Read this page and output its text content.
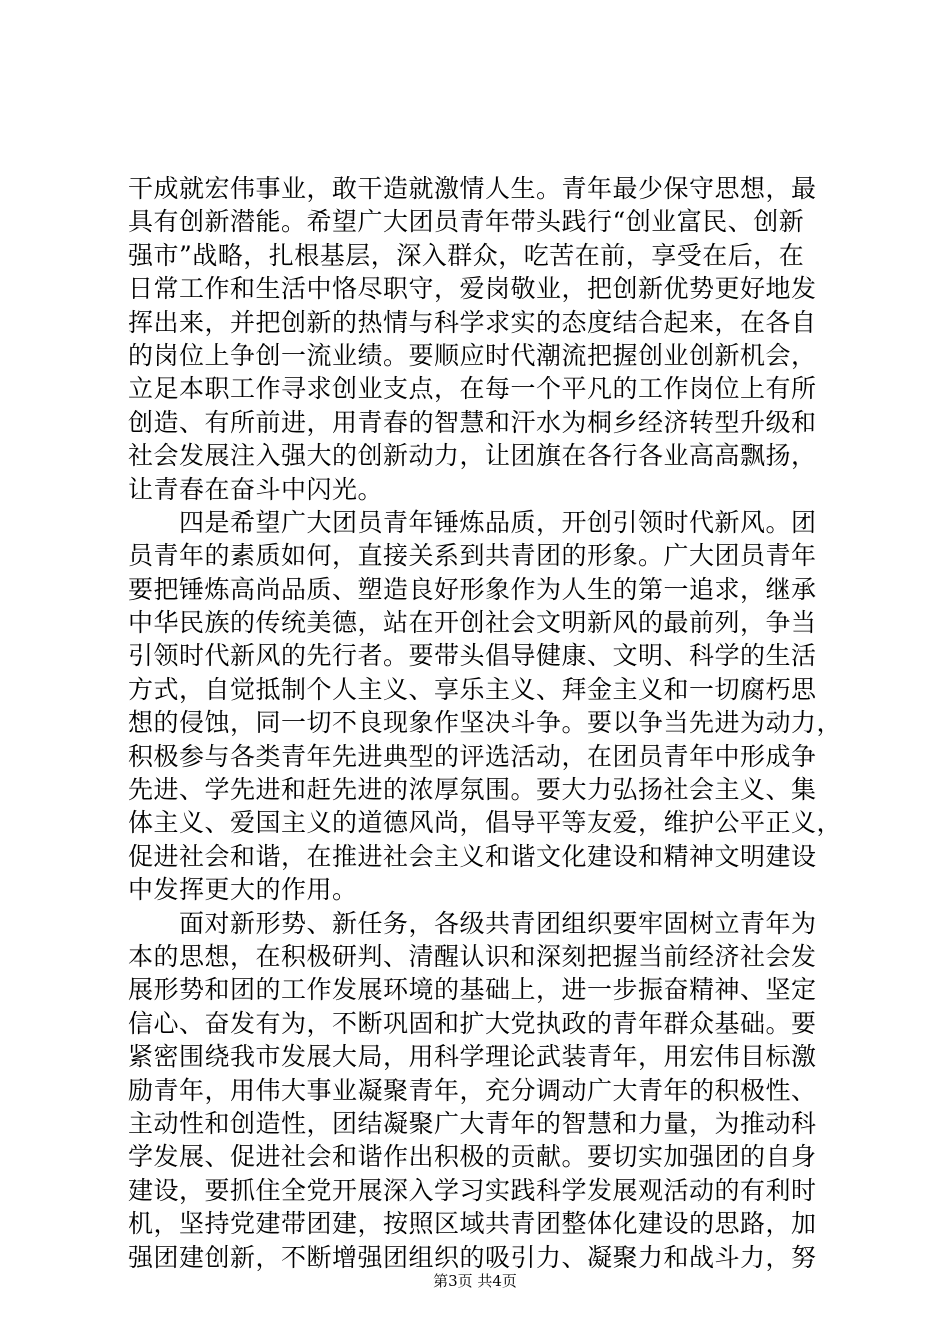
干成就宏伟事业，敢干造就激情人生。青年最少保守思想，最
具有创新潜能。希望广大团员青年带头践行“创业富民、创新
强市”战略，扎根基层，深入群众，吃苦在前，享受在后，在
日常工作和生活中恪尽职守，爱岗敬业，把创新优势更好地发
挥出来，并把创新的热情与科学求实的态度结合起来，在各自
的岗位上争创一流业绩。要顺应时代潮流把握创业创新机会，
立足本职工作寻求创业支点，在每一个平凡的工作岗位上有所
创造、有所前进，用青春的智慧和汗水为桐乡经济转型升级和
社会发展注入强大的创新动力，让团旗在各行各业高高飘扬，
让青春在奋斗中闪光。
　　四是希望广大团员青年锤炼品质，开创引领时代新风。团
员青年的素质如何，直接关系到共青团的形象。广大团员青年
要把锤炼高尚品质、塑造良好形象作为人生的第一追求，继承
中华民族的传统美德，站在开创社会文明新风的最前列，争当
引领时代新风的先行者。要带头倡导健康、文明、科学的生活
方式，自觉抵制个人主义、享乐主义、拜金主义和一切腐朽思
想的侵蚀，同一切不良现象作坚决斗争。要以争当先进为动力，
积极参与各类青年先进典型的评选活动，在团员青年中形成争
先进、学先进和赶先进的浓厚氛围。要大力弘扬社会主义、集
体主义、爱国主义的道德风尚，倡导平等友爱，维护公平正义，
促进社会和谐，在推进社会主义和谐文化建设和精神文明建设
中发挥更大的作用。
　　面对新形势、新任务，各级共青团组织要牢固树立青年为
本的思想，在积极研判、清醒认识和深刻把握当前经济社会发
展形势和团的工作发展环境的基础上，进一步振奋精神、坚定
信心、奋发有为，不断巩固和扩大党执政的青年群众基础。要
紧密围绕我市发展大局，用科学理论武装青年，用宏伟目标激
励青年，用伟大事业凝聚青年，充分调动广大青年的积极性、
主动性和创造性，团结凝聚广大青年的智慧和力量，为推动科
学发展、促进社会和谐作出积极的贡献。要切实加强团的自身
建设，要抓住全党开展深入学习实践科学发展观活动的有利时
机，坚持党建带团建，按照区域共青团整体化建设的思路，加
强团建创新，不断增强团组织的吸引力、凝聚力和战斗力，努
第3页 共4页
